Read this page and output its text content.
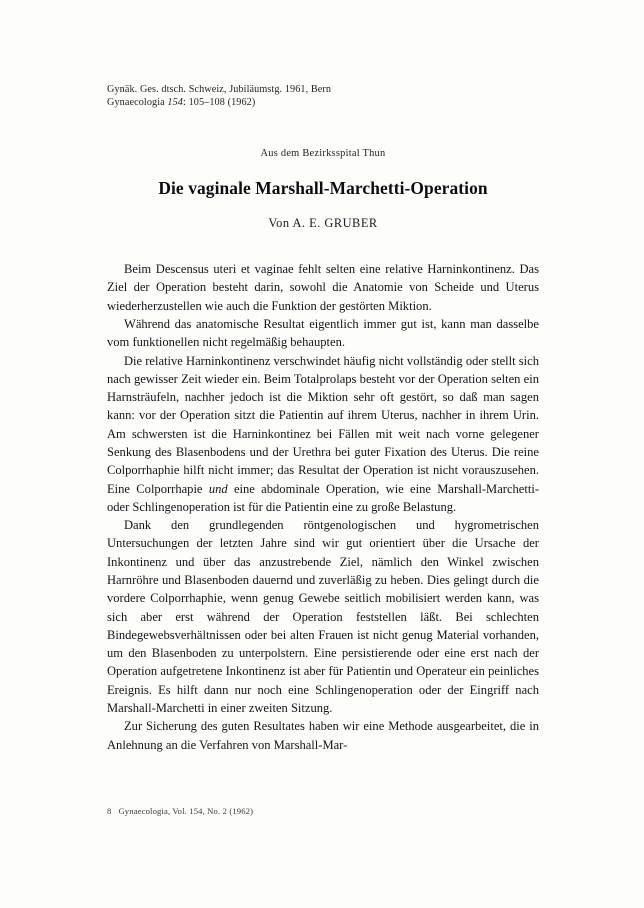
Gynäk. Ges. dtsch. Schweiz, Jubiläumstg. 1961, Bern
Gynaecologia 154: 105–108 (1962)
Aus dem Bezirksspital Thun
Die vaginale Marshall-Marchetti-Operation
Von A. E. GRUBER

Beim Descensus uteri et vaginae fehlt selten eine relative Harninkontinenz. Das Ziel der Operation besteht darin, sowohl die Anatomie von Scheide und Uterus wiederherzustellen wie auch die Funktion der gestörten Miktion.

Während das anatomische Resultat eigentlich immer gut ist, kann man dasselbe vom funktionellen nicht regelmäßig behaupten.

Die relative Harninkontinenz verschwindet häufig nicht vollständig oder stellt sich nach gewisser Zeit wieder ein. Beim Totalprolaps besteht vor der Operation selten ein Harnsträufeln, nachher jedoch ist die Miktion sehr oft gestört, so daß man sagen kann: vor der Operation sitzt die Patientin auf ihrem Uterus, nachher in ihrem Urin. Am schwersten ist die Harninkontinez bei Fällen mit weit nach vorne gelegener Senkung des Blasenbodens und der Urethra bei guter Fixation des Uterus. Die reine Colporrhaphie hilft nicht immer; das Resultat der Operation ist nicht vorauszusehen. Eine Colporrhapie und eine abdominale Operation, wie eine Marshall-Marchetti- oder Schlingenoperation ist für die Patientin eine zu große Belastung.

Dank den grundlegenden röntgenologischen und hygrometrischen Untersuchungen der letzten Jahre sind wir gut orientiert über die Ursache der Inkontinenz und über das anzustrebende Ziel, nämlich den Winkel zwischen Harnröhre und Blasenboden dauernd und zuverläßig zu heben. Dies gelingt durch die vordere Colporrhaphie, wenn genug Gewebe seitlich mobilisiert werden kann, was sich aber erst während der Operation feststellen läßt. Bei schlechten Bindegewebsverhältnissen oder bei alten Frauen ist nicht genug Material vorhanden, um den Blasenboden zu unterpolstern. Eine persistierende oder eine erst nach der Operation aufgetretene Inkontinenz ist aber für Patientin und Operateur ein peinliches Ereignis. Es hilft dann nur noch eine Schlingenoperation oder der Eingriff nach Marshall-Marchetti in einer zweiten Sitzung.

Zur Sicherung des guten Resultates haben wir eine Methode ausgearbeitet, die in Anlehnung an die Verfahren von Marshall-Mar-

8 Gynaecologia, Vol. 154, No. 2 (1962)
